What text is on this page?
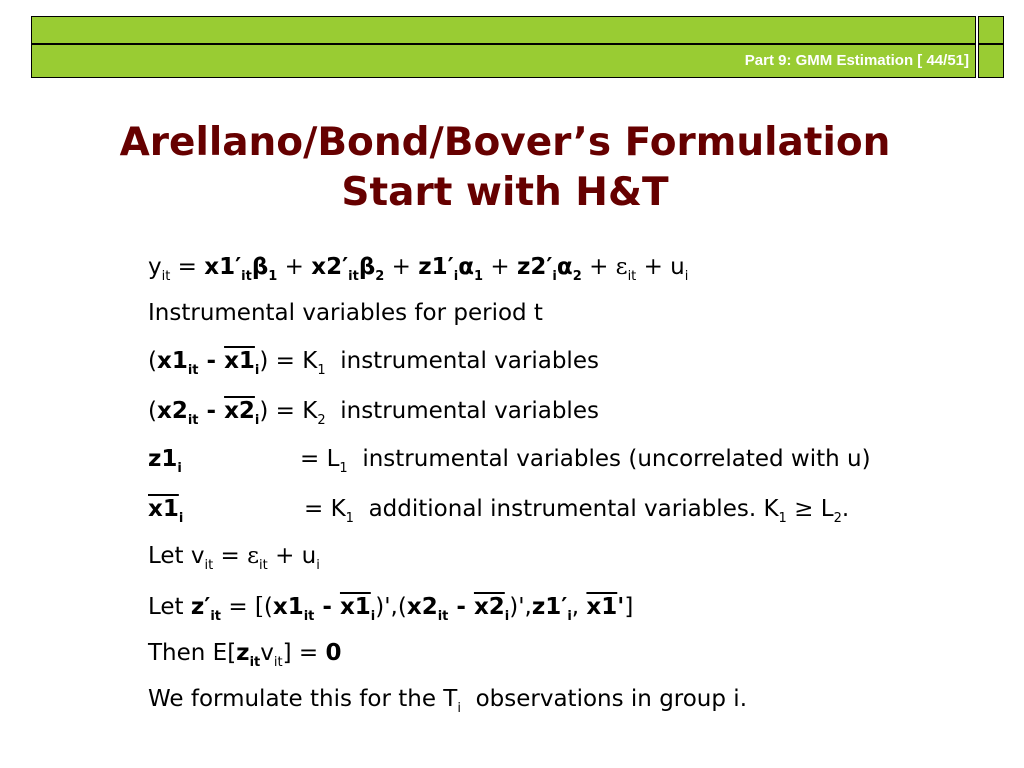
Part 9: GMM Estimation [ 44/51]
Arellano/Bond/Bover’s Formulation
Start with H&T
$y_{it} = x1'_{it}\beta_1 + x2'_{it}\beta_2 + z1'_i\alpha_1 + z2'_i\alpha_2 + \varepsilon_{it} + u_i$
Instrumental variables for period t
$(x1_{it} - x1_i) = K_1$ instrumental variables
$(x2_{it} - x2_i) = K_2$ instrumental variables
$z1_i$	= $L_1$ instrumental variables (uncorrelated with u)
$x1_i$	= $K_1$ additional instrumental variables. $K_1 \ge L_2$.
Let $v_{it} = \varepsilon_{it} + u_i$
Let $z'_{it} = [(x1_{it} - x1_i)',(x2_{it} - x2_i)',z1'_i$, x1']
Then $E[z_{it}v_{it}] = 0$
We formulate this for the $T_i$ observations in group i.
